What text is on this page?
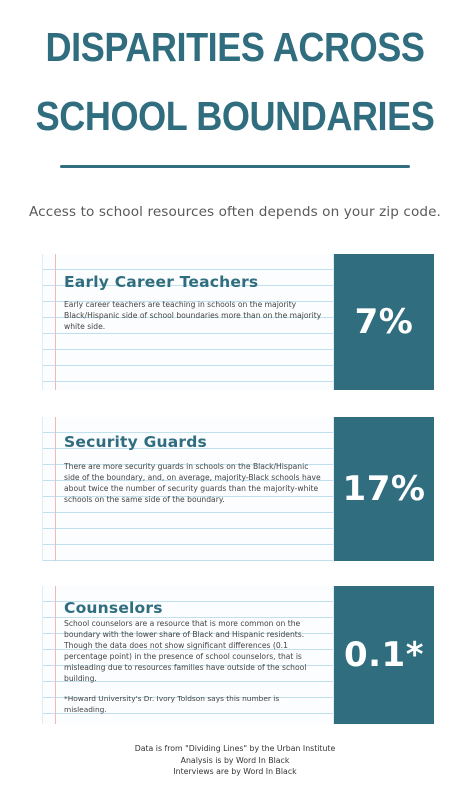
DISPARITIES ACROSS
SCHOOL BOUNDARIES
Access to school resources often depends on your zip code.
Early Career Teachers
Early career teachers are teaching in schools on the majority Black/Hispanic side of school boundaries more than on the majority white side.	7%
Security Guards
There are more security guards in schools on the Black/Hispanic side of the boundary, and, on average, majority-Black schools have about twice the number of security guards than the majority-white schools on the same side of the boundary.	17%
Counselors
School counselors are a resource that is more common on the boundary with the lower share of Black and Hispanic residents. Though the data does not show significant differences (0.1 percentage point) in the presence of school counselors, that is misleading due to resources families have outside of the school building.
*Howard University's Dr. Ivory Toldson says this number is misleading.
0.1*
Data is from "Dividing Lines" by the Urban Institute
Analysis is by Word In Black
Interviews are by Word In Black
